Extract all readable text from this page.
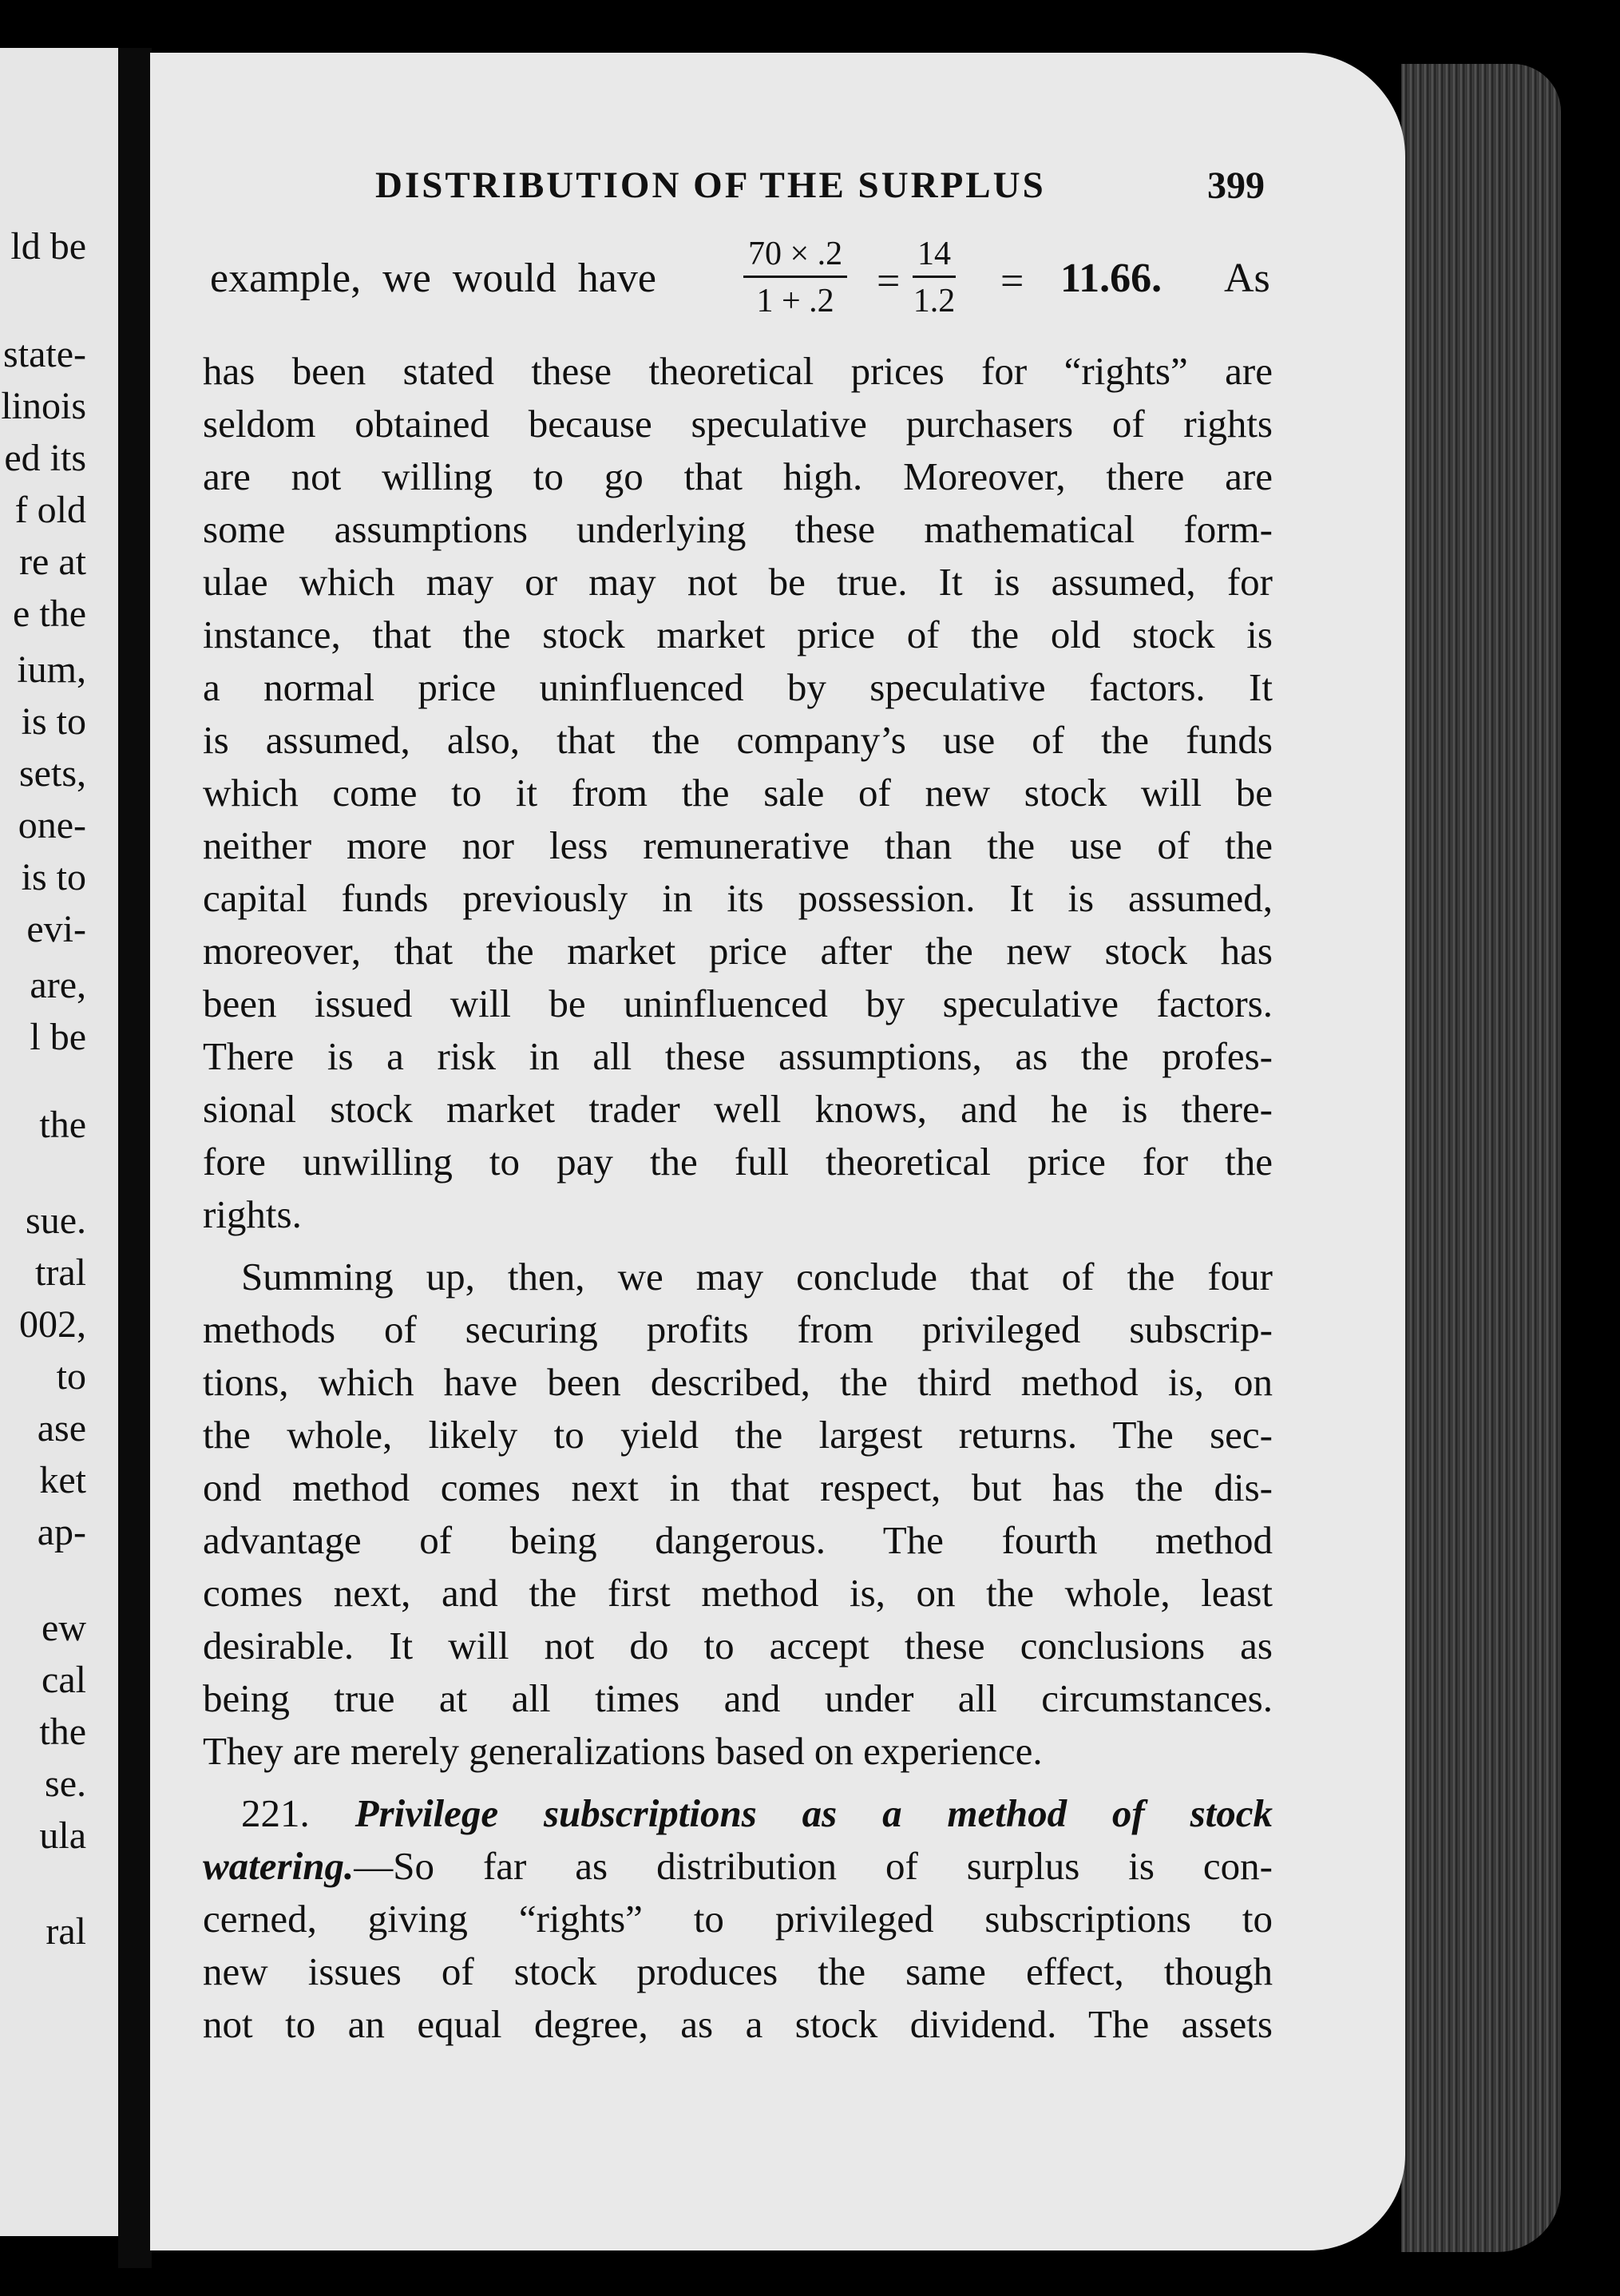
ld be
state-
linois
ed its
f old
re at
e the
ium,
is to
sets,
one-
is to
evi-
are,
l be
the
sue.
tral
002,
to
ase
ket
ap-
ew
cal
the
se.
ula
ral
DISTRIBUTION OF THE SURPLUS	399
example, we would have	$\frac{70 \times .2}{1 + .2} = \frac{14}{1.2} = 11.66$. As
has been stated these theoretical prices for “rights” are
seldom obtained because speculative purchasers of rights
are not willing to go that high. Moreover, there are
some assumptions underlying these mathematical form-
ulae which may or may not be true. It is assumed, for
instance, that the stock market price of the old stock is
a normal price uninfluenced by speculative factors. It
is assumed, also, that the company’s use of the funds
which come to it from the sale of new stock will be
neither more nor less remunerative than the use of the
capital funds previously in its possession. It is assumed,
moreover, that the market price after the new stock has
been issued will be uninfluenced by speculative factors.
There is a risk in all these assumptions, as the profes-
sional stock market trader well knows, and he is there-
fore unwilling to pay the full theoretical price for the
rights.
Summing up, then, we may conclude that of the four
methods of securing profits from privileged subscrip-
tions, which have been described, the third method is, on
the whole, likely to yield the largest returns. The sec-
ond method comes next in that respect, but has the dis-
advantage of being dangerous. The fourth method
comes next, and the first method is, on the whole, least
desirable. It will not do to accept these conclusions as
being true at all times and under all circumstances.
They are merely generalizations based on experience.
221. Privilege subscriptions as a method of stock
watering.—So far as distribution of surplus is con-
cerned, giving “rights” to privileged subscriptions to
new issues of stock produces the same effect, though
not to an equal degree, as a stock dividend. The assets
